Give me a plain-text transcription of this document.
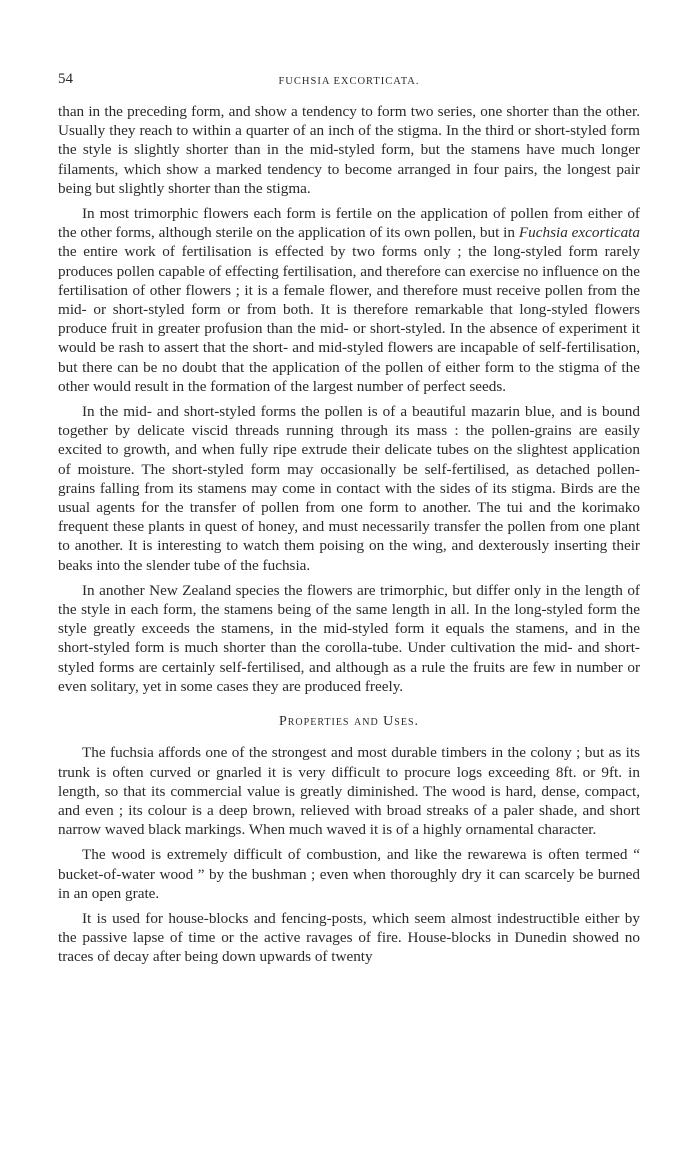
54	FUCHSIA EXCORTICATA.

than in the preceding form, and show a tendency to form two series, one shorter than the other. Usually they reach to within a quarter of an inch of the stigma. In the third or short-styled form the style is slightly shorter than in the mid-styled form, but the stamens have much longer filaments, which show a marked tendency to become arranged in four pairs, the longest pair being but slightly shorter than the stigma.

In most trimorphic flowers each form is fertile on the application of pollen from either of the other forms, although sterile on the application of its own pollen, but in Fuchsia excorticata the entire work of fertilisation is effected by two forms only ; the long-styled form rarely produces pollen capable of effecting fertilisation, and therefore can exercise no influence on the fertilisation of other flowers ; it is a female flower, and therefore must receive pollen from the mid- or short-styled form or from both. It is therefore remarkable that long-styled flowers produce fruit in greater profusion than the mid- or short-styled. In the absence of experiment it would be rash to assert that the short- and mid-styled flowers are incapable of self-fertilisation, but there can be no doubt that the application of the pollen of either form to the stigma of the other would result in the formation of the largest number of perfect seeds.

In the mid- and short-styled forms the pollen is of a beautiful mazarin blue, and is bound together by delicate viscid threads running through its mass : the pollen-grains are easily excited to growth, and when fully ripe extrude their delicate tubes on the slightest application of moisture. The short-styled form may occasionally be self-fertilised, as detached pollen-grains falling from its stamens may come in contact with the sides of its stigma. Birds are the usual agents for the transfer of pollen from one form to another. The tui and the korimako frequent these plants in quest of honey, and must necessarily transfer the pollen from one plant to another. It is interesting to watch them poising on the wing, and dexterously inserting their beaks into the slender tube of the fuchsia.

In another New Zealand species the flowers are trimorphic, but differ only in the length of the style in each form, the stamens being of the same length in all. In the long-styled form the style greatly exceeds the stamens, in the mid-styled form it equals the stamens, and in the short-styled form is much shorter than the corolla-tube. Under cultivation the mid- and short-styled forms are certainly self-fertilised, and although as a rule the fruits are few in number or even solitary, yet in some cases they are produced freely.

Properties and Uses.

The fuchsia affords one of the strongest and most durable timbers in the colony ; but as its trunk is often curved or gnarled it is very difficult to procure logs exceeding 8ft. or 9ft. in length, so that its commercial value is greatly diminished. The wood is hard, dense, compact, and even ; its colour is a deep brown, relieved with broad streaks of a paler shade, and short narrow waved black markings. When much waved it is of a highly ornamental character.

The wood is extremely difficult of combustion, and like the rewarewa is often termed “ bucket-of-water wood ” by the bushman ; even when thoroughly dry it can scarcely be burned in an open grate.

It is used for house-blocks and fencing-posts, which seem almost indestructible either by the passive lapse of time or the active ravages of fire. House-blocks in Dunedin showed no traces of decay after being down upwards of twenty
